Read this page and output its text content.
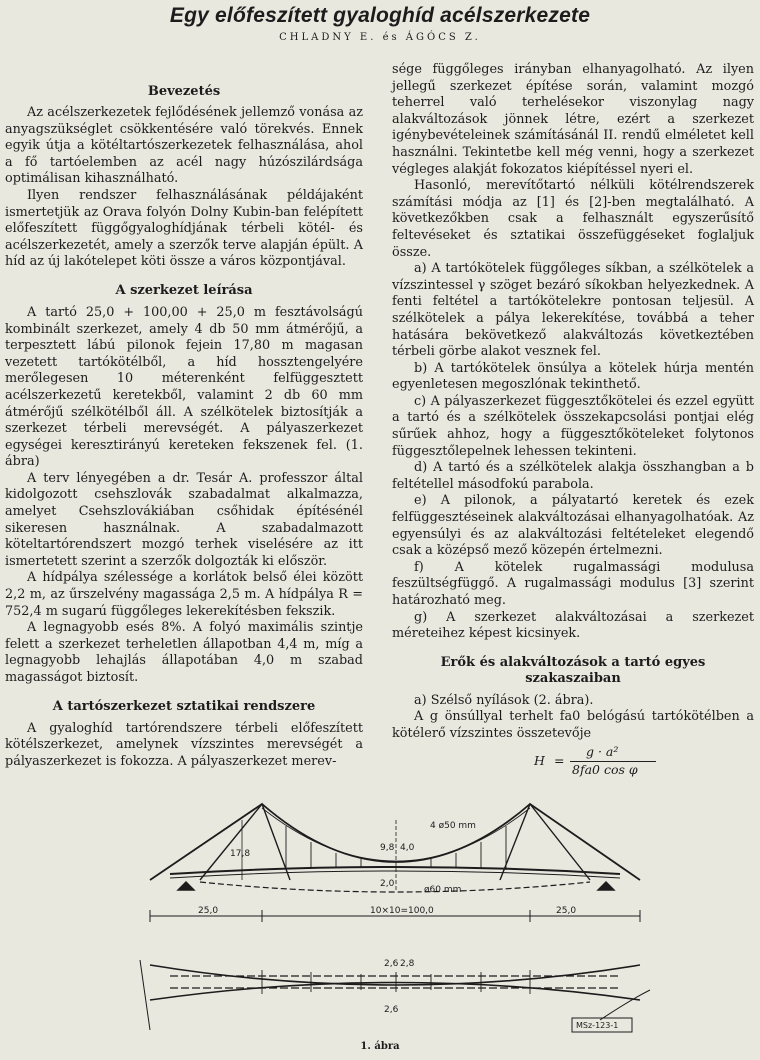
Egy előfeszített gyaloghíd acélszerkezete
CHLADNY E. és ÁGÓCS Z.
Bevezetés

Az acélszerkezetek fejlődésének jellemző vonása az anyagszükséglet csökkentésére való törekvés. Ennek egyik útja a kötéltartószerkezetek felhasználása, ahol a fő tartóelemben az acél nagy húzószilárdsága optimálisan kihasználható.

Ilyen rendszer felhasználásának példájaként ismertetjük az Orava folyón Dolny Kubin-ban felépített előfeszített függőgyaloghídjának térbeli kötél- és acélszerkezetét, amely a szerzők terve alapján épült. A híd az új lakótelepet köti össze a város központjával.

A szerkezet leírása

A tartó 25,0 + 100,00 + 25,0 m fesztávolságú kombinált szerkezet, amely 4 db 50 mm átmérőjű, a terpesztett lábú pilonok fejein 17,80 m magasan vezetett tartókötélből, a híd hossztengelyére merőlegesen 10 méterenként felfüggesztett acélszerkezetű keretekből, valamint 2 db 60 mm átmérőjű szélkötélből áll. A szélkötelek biztosítják a szerkezet térbeli merevségét. A pályaszerkezet egységei keresztirányú kereteken fekszenek fel. (1. ábra)

A terv lényegében a dr. Tesár A. professzor által kidolgozott csehszlovák szabadalmat alkalmazza, amelyet Csehszlovákiában csőhidak építésénél sikeresen használnak. A szabadalmazott köteltartórendszert mozgó terhek viselésére az itt ismertetett szerint a szerzők dolgozták ki először.

A hídpálya szélessége a korlátok belső élei között 2,2 m, az űrszelvény magassága 2,5 m. A hídpálya R = 752,4 m sugarú függőleges lekerekítésben fekszik.

A legnagyobb esés 8%. A folyó maximális szintje felett a szerkezet terheletlen állapotban 4,4 m, míg a legnagyobb lehajlás állapotában 4,0 m szabad magasságot biztosít.

A tartószerkezet sztatikai rendszere

A gyaloghíd tartórendszere térbeli előfeszített kötélszerkezet, amelynek vízszintes merevségét a pályaszerkezet is fokozza. A pályaszerkezet merev-

sége függőleges irányban elhanyagolható. Az ilyen jellegű szerkezet építése során, valamint mozgó teherrel való terhelésekor viszonylag nagy alakváltozások jönnek létre, ezért a szerkezet igénybevételeinek számításánál II. rendű elméletet kell használni. Tekintetbe kell még venni, hogy a szerkezet végleges alakját fokozatos kiépítéssel nyeri el.

Hasonló, merevítőtartó nélküli kötélrendszerek számítási módja az [1] és [2]-ben megtalálható. A következőkben csak a felhasznált egyszerűsítő feltevéseket és sztatikai összefüggéseket foglaljuk össze.

a) A tartókötelek függőleges síkban, a szélkötelek a vízszintessel γ szöget bezáró síkokban helyezkednek. A fenti feltétel a tartókötelekre pontosan teljesül. A szélkötelek a pálya lekerekítése, továbbá a teher hatására bekövetkező alakváltozás következtében térbeli görbe alakot vesznek fel.

b) A tartókötelek önsúlya a kötelek húrja mentén egyenletesen megoszlónak tekinthető.

c) A pályaszerkezet függesztőkötelei és ezzel együtt a tartó és a szélkötelek összekapcsolási pontjai elég sűrűek ahhoz, hogy a függesztőköteleket folytonos függesztőlepelnek lehessen tekinteni.

d) A tartó és a szélkötelek alakja összhangban a b feltétellel másodfokú parabola.

e) A pilonok, a pályatartó keretek és ezek felfüggesztéseinek alakváltozásai elhanyagolhatóak. Az egyensúlyi és az alakváltozási feltételeket elegendő csak a középső mező közepén értelmezni.

f) A kötelek rugalmassági modulusa feszültségfüggő. A rugalmassági modulus [3] szerint határozható meg.

g) A szerkezet alakváltozásai a szerkezet méreteihez képest kicsinyek.

Erők és alakváltozások a tartó egyes szakaszaiban

a) Szélső nyílások (2. ábra).

A g önsúllyal terhelt fa0 belógású tartókötélben a kötélerő vízszintes összetevője

H =
g · a²
8fa0 cos φ
4 ø50 mm
ø60 mm
17,8
9,8 4,0
2,0
25,0	10×10=100,0	25,0
2,6 2,8
2,6
MSz-123-1
1. ábra
